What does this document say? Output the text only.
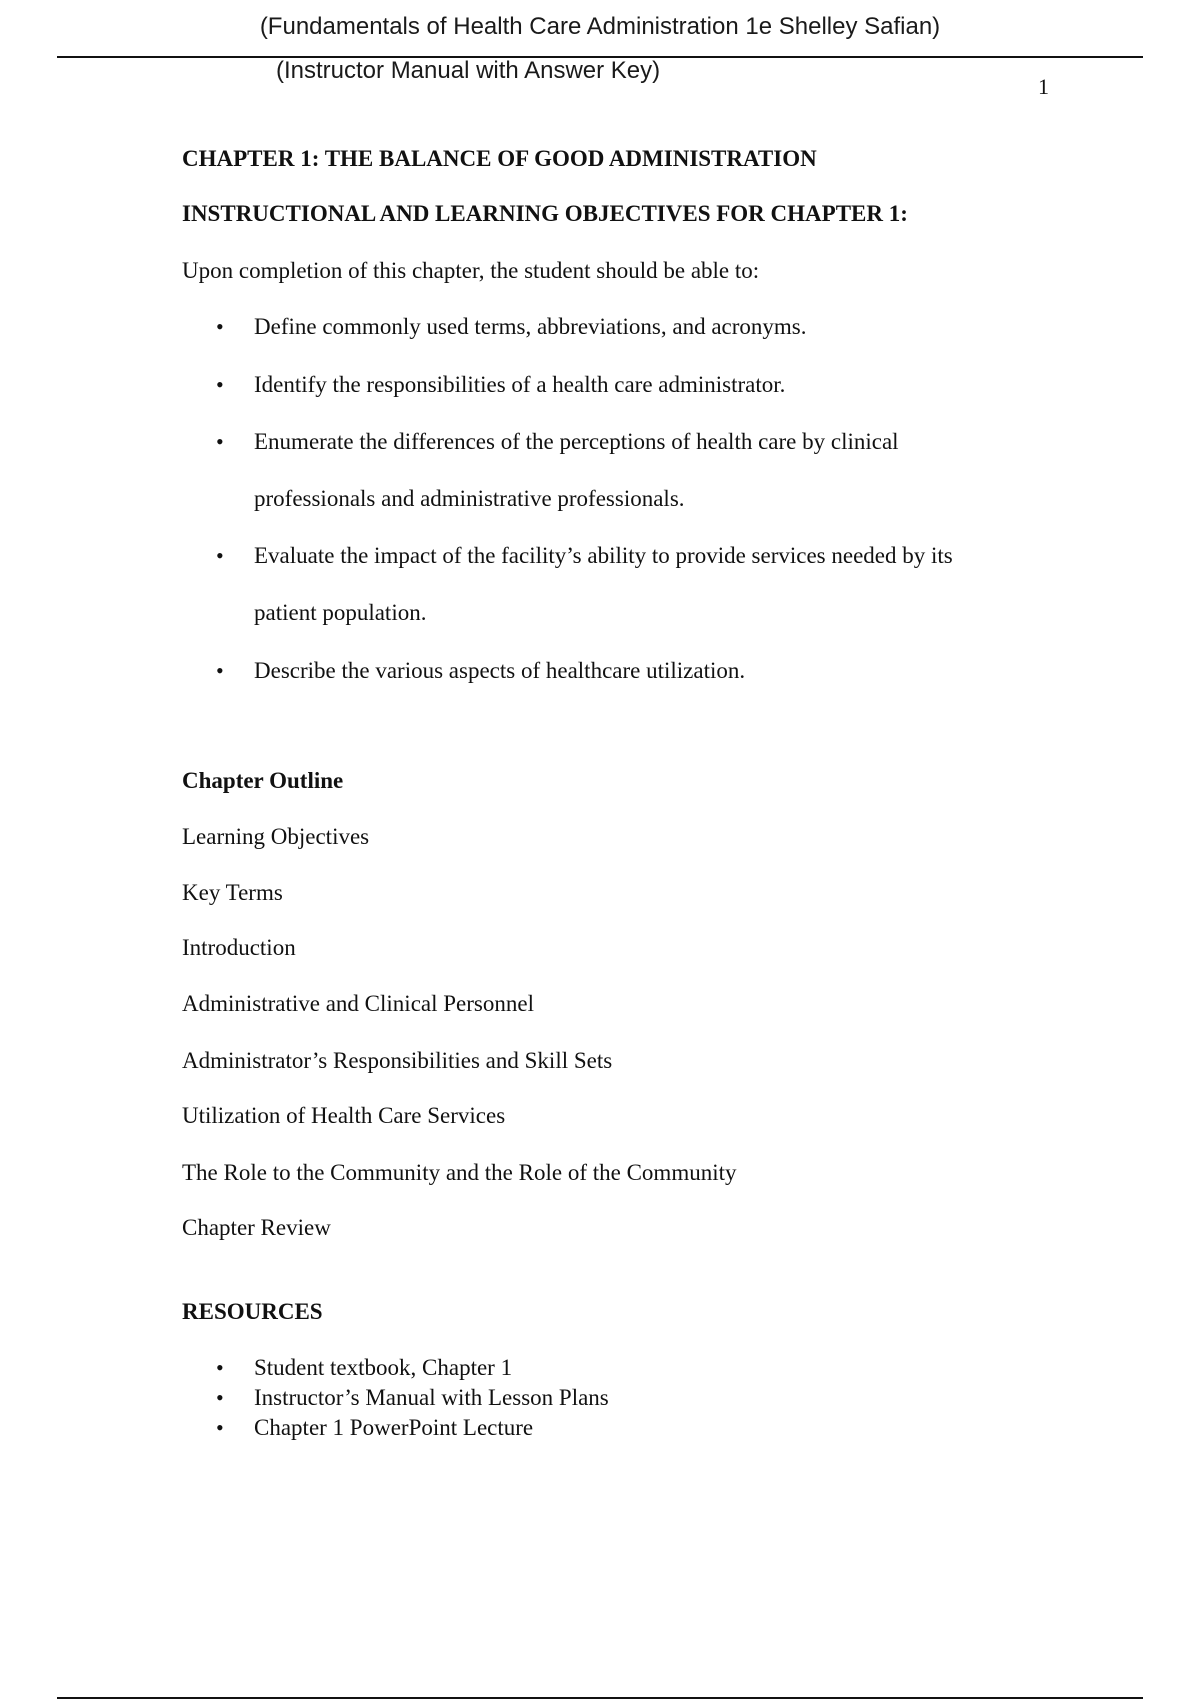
(Fundamentals of Health Care Administration 1e Shelley Safian)
(Instructor Manual with Answer Key)
1
CHAPTER 1: THE BALANCE OF GOOD ADMINISTRATION
INSTRUCTIONAL AND LEARNING OBJECTIVES FOR CHAPTER 1:
Upon completion of this chapter, the student should be able to:
• Define commonly used terms, abbreviations, and acronyms.
• Identify the responsibilities of a health care administrator.
• Enumerate the differences of the perceptions of health care by clinical
professionals and administrative professionals.
• Evaluate the impact of the facility’s ability to provide services needed by its
patient population.
• Describe the various aspects of healthcare utilization.
Chapter Outline
Learning Objectives
Key Terms
Introduction
Administrative and Clinical Personnel
Administrator’s Responsibilities and Skill Sets
Utilization of Health Care Services
The Role to the Community and the Role of the Community
Chapter Review
RESOURCES
• Student textbook, Chapter 1
• Instructor’s Manual with Lesson Plans
• Chapter 1 PowerPoint Lecture
